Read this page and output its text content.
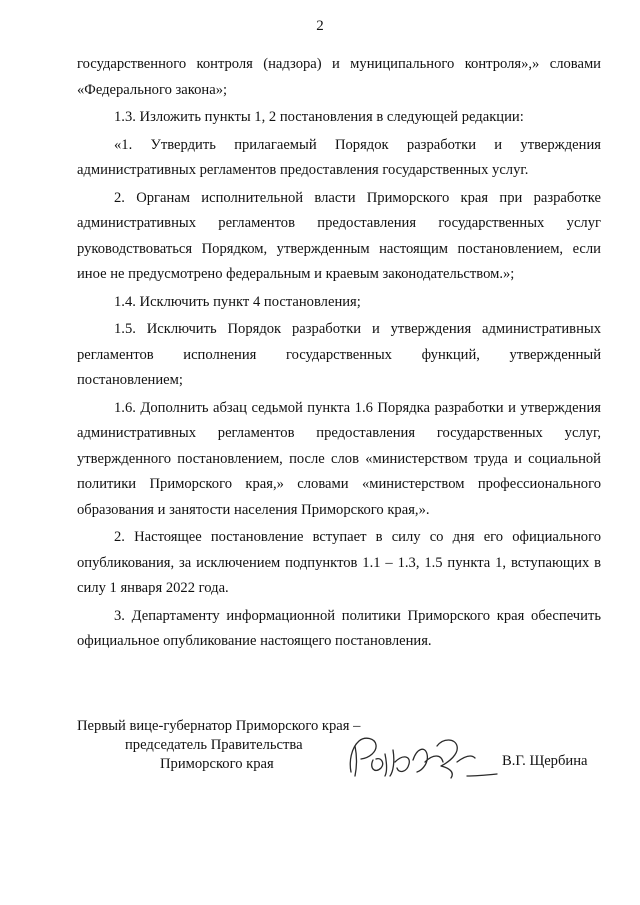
2

государственного контроля (надзора) и муниципального контроля»,» словами «Федерального закона»;

1.3. Изложить пункты 1, 2 постановления в следующей редакции:

«1. Утвердить прилагаемый Порядок разработки и утверждения административных регламентов предоставления государственных услуг.

2. Органам исполнительной власти Приморского края при разработке административных регламентов предоставления государственных услуг руководствоваться Порядком, утвержденным настоящим постановлением, если иное не предусмотрено федеральным и краевым законодательством.»;

1.4. Исключить пункт 4 постановления;

1.5. Исключить Порядок разработки и утверждения административных регламентов исполнения государственных функций, утвержденный постановлением;

1.6. Дополнить абзац седьмой пункта 1.6 Порядка разработки и утверждения административных регламентов предоставления государственных услуг, утвержденного постановлением, после слов «министерством труда и социальной политики Приморского края,» словами «министерством профессионального образования и занятости населения Приморского края,».

2. Настоящее постановление вступает в силу со дня его официального опубликования, за исключением подпунктов 1.1 – 1.3, 1.5 пункта 1, вступающих в силу 1 января 2022 года.

3. Департаменту информационной политики Приморского края обеспечить официальное опубликование настоящего постановления.

Первый вице-губернатор Приморского края –

председатель Правительства

Приморского края	В.Г. Щербина
